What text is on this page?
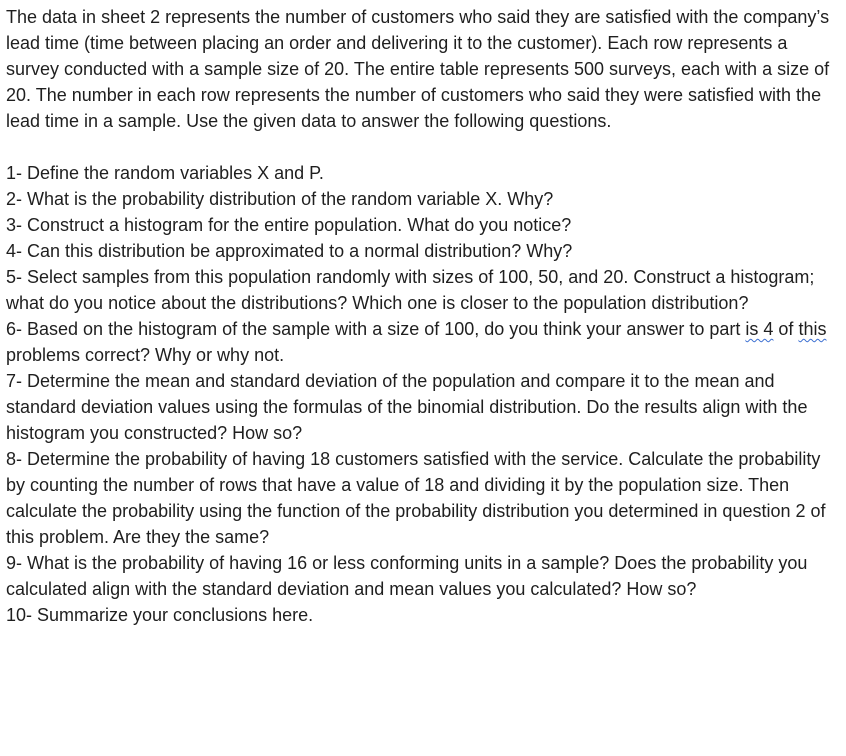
The data in sheet 2 represents the number of customers who said they are satisfied with the company’s lead time (time between placing an order and delivering it to the customer). Each row represents a survey conducted with a sample size of 20. The entire table represents 500 surveys, each with a size of 20. The number in each row represents the number of customers who said they were satisfied with the lead time in a sample. Use the given data to answer the following questions.

1- Define the random variables X and P.

2- What is the probability distribution of the random variable X. Why?

3- Construct a histogram for the entire population. What do you notice?

4- Can this distribution be approximated to a normal distribution? Why?

5- Select samples from this population randomly with sizes of 100, 50, and 20. Construct a histogram; what do you notice about the distributions? Which one is closer to the population distribution?

6- Based on the histogram of the sample with a size of 100, do you think your answer to part is 4 of this problems correct? Why or why not.

7- Determine the mean and standard deviation of the population and compare it to the mean and standard deviation values using the formulas of the binomial distribution. Do the results align with the histogram you constructed? How so?

8- Determine the probability of having 18 customers satisfied with the service. Calculate the probability by counting the number of rows that have a value of 18 and dividing it by the population size. Then calculate the probability using the function of the probability distribution you determined in question 2 of this problem. Are they the same?

9- What is the probability of having 16 or less conforming units in a sample? Does the probability you calculated align with the standard deviation and mean values you calculated? How so?

10- Summarize your conclusions here.
